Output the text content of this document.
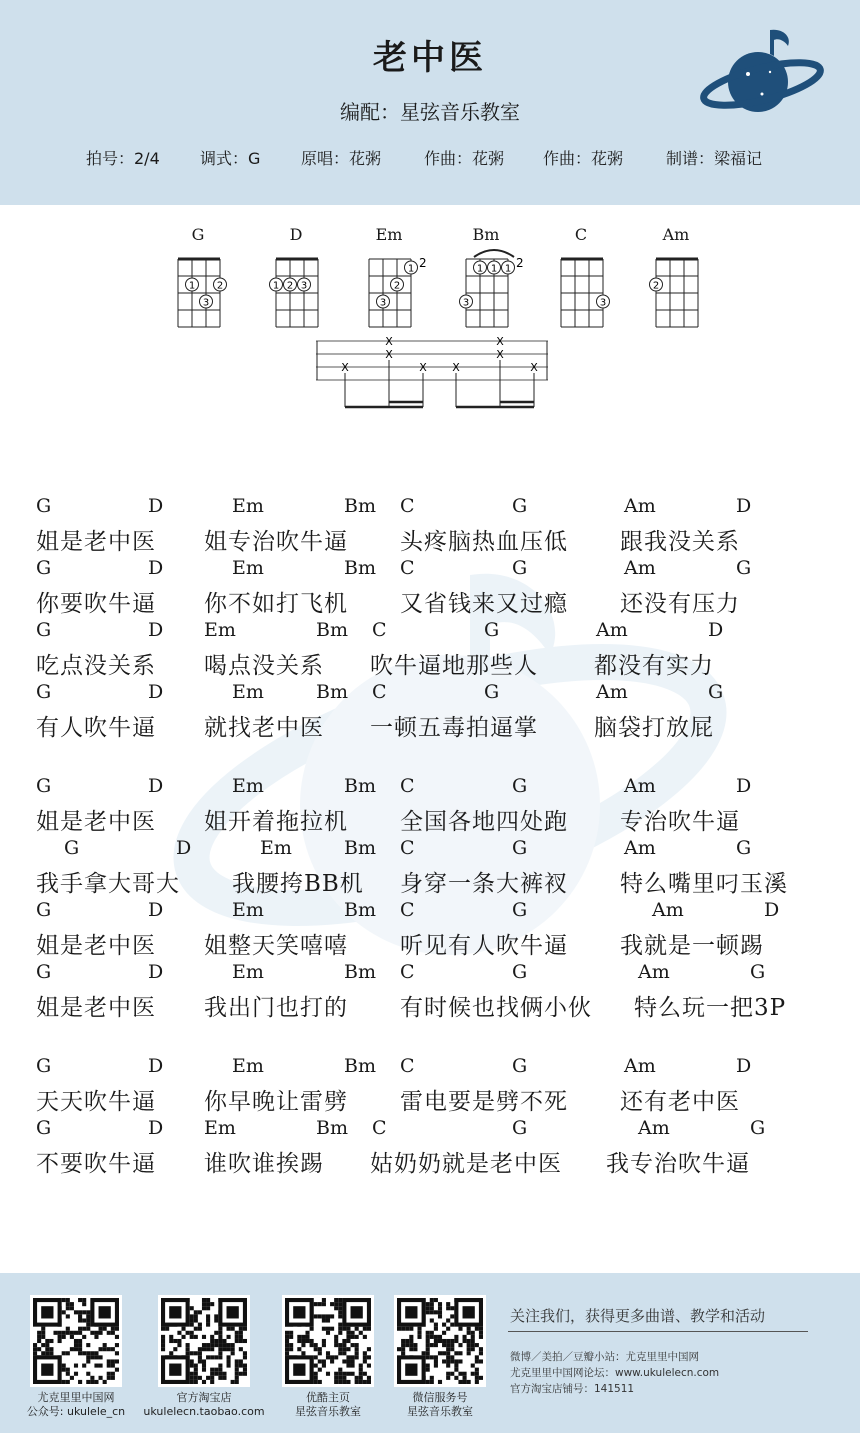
老中医
编配：星弦音乐教室
拍号：2/4	调式：G	原唱：花粥	作曲：花粥 作曲：花粥	制谱：梁福记
G
1 2
3
D
1 2 3
Em
1
2
3
2
Bm
1 1 1
3
2
C
3
Am
2
X
X
X
X X
X
X
X
G	D	Em	Bm C	G	Am	D
姐是老中医 姐专治吹牛逼 头疼脑热血压低 跟我没关系
G	D	Em	Bm C	G	Am	G
你要吹牛逼 你不如打飞机 又省钱来又过瘾 还没有压力
G	D Em	Bm C	G	Am	D
吃点没关系 喝点没关系 吹牛逼地那些人 都没有实力
G	D	Em	Bm C	G	Am	G
有人吹牛逼 就找老中医 一顿五毒拍逼掌 脑袋打放屁
G	D	Em	Bm C	G	Am	D
姐是老中医 姐开着拖拉机 全国各地四处跑 专治吹牛逼
G	D	Em	Bm C	G	Am	G
我手拿大哥大 我腰挎BB机 身穿一条大裤衩 特么嘴里叼玉溪
G	D	Em	Bm C	G	Am	D
姐是老中医 姐整天笑嘻嘻 听见有人吹牛逼 我就是一顿踢
G	D	Em	Bm C	G	Am	G
姐是老中医 我出门也打的 有时候也找俩小伙 特么玩一把3P
G	D	Em	Bm C	G	Am	D
天天吹牛逼 你早晚让雷劈 雷电要是劈不死 还有老中医
G	D Em	Bm C	G	Am	G
不要吹牛逼 谁吹谁挨踢 姑奶奶就是老中医 我专治吹牛逼
尤克里里中国网
公众号: ukulele_cn
官方淘宝店
ukulelecn.taobao.com
优酷主页
星弦音乐教室
微信服务号
星弦音乐教室
关注我们，获得更多曲谱、教学和活动
微博／美拍／豆瓣小站：尤克里里中国网
尤克里里中国网论坛：www.ukulelecn.com
官方淘宝店铺号：141511
